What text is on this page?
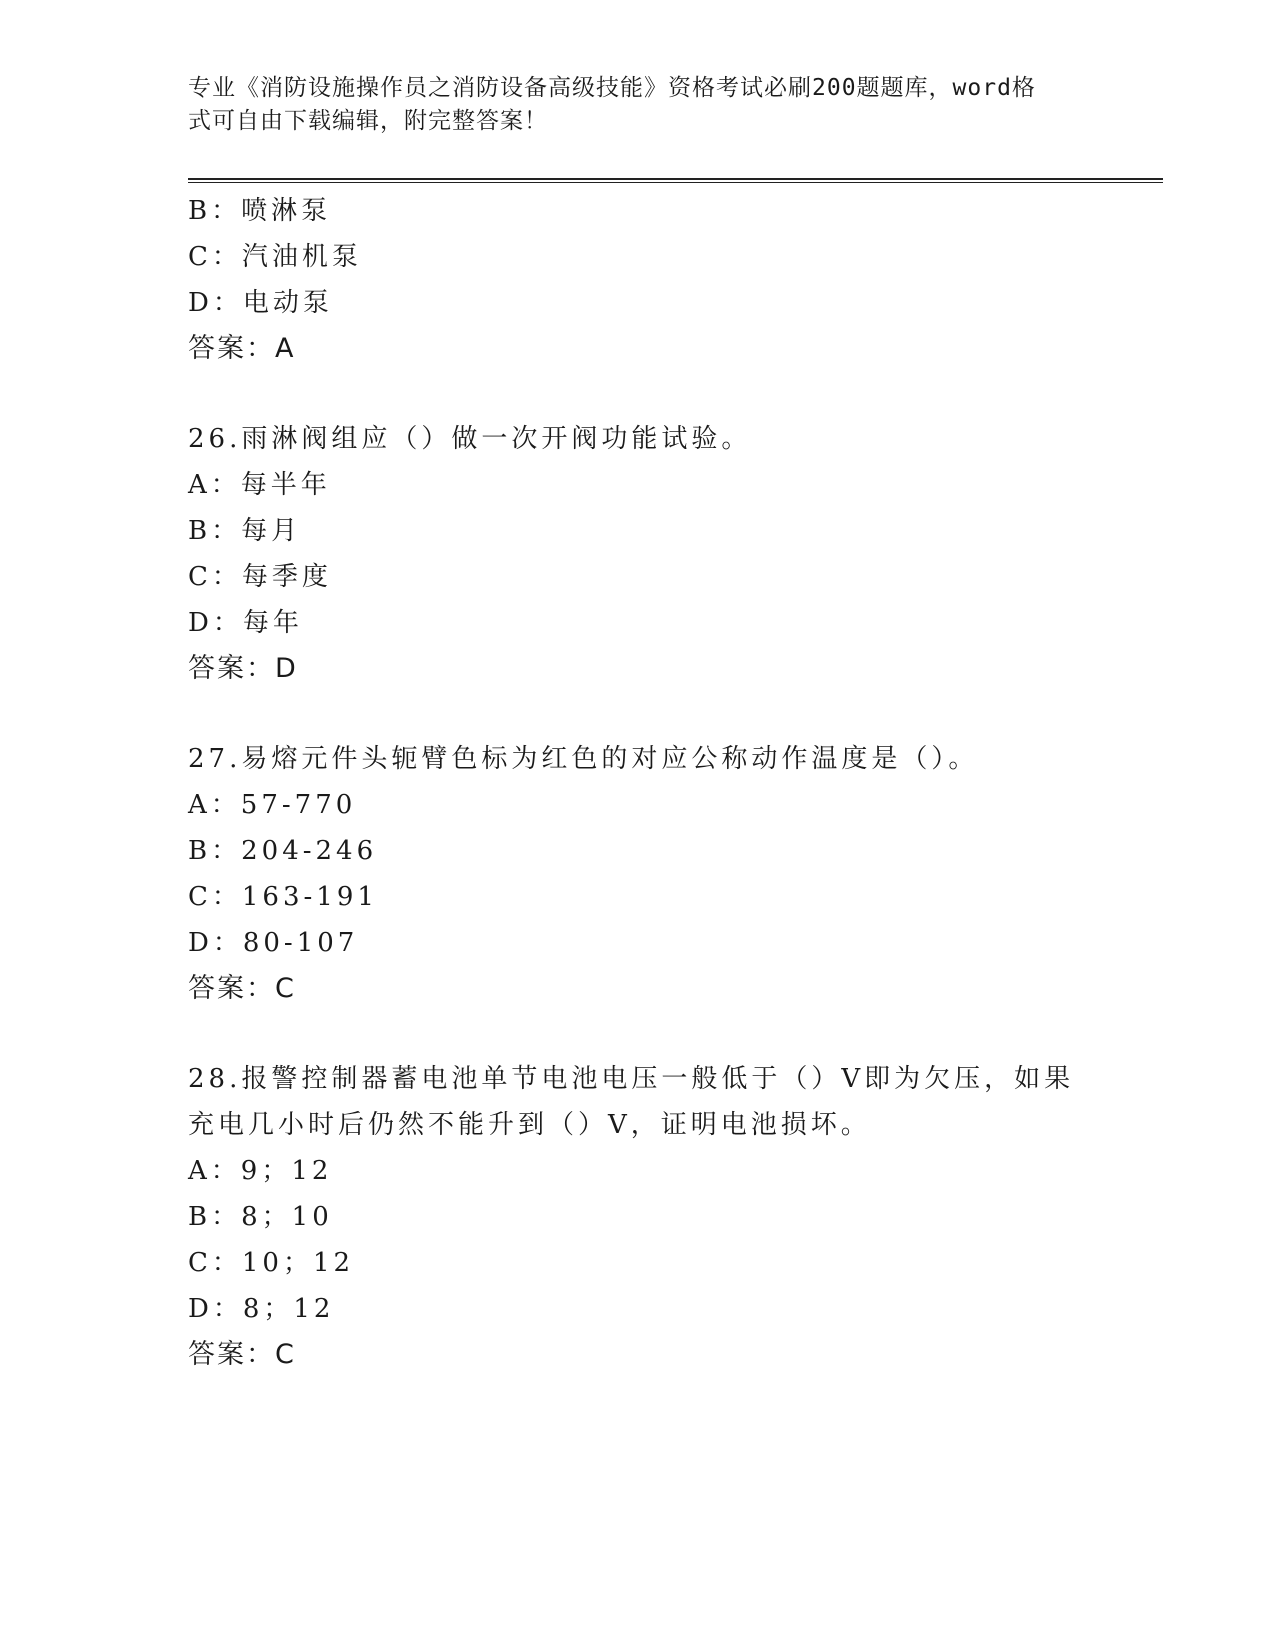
专业《消防设施操作员之消防设备高级技能》资格考试必刷200题题库，word格
式可自由下载编辑，附完整答案！
B：喷淋泵
C：汽油机泵
D：电动泵
答案：A
26.雨淋阀组应（）做一次开阀功能试验。
A：每半年
B：每月
C：每季度
D：每年
答案：D
27.易熔元件头轭臂色标为红色的对应公称动作温度是（）。
A：57-770
B：204-246
C：163-191
D：80-107
答案：C
28.报警控制器蓄电池单节电池电压一般低于（）V即为欠压，如果充电几小时后仍然不能升到（）V，证明电池损坏。
A：9；12
B：8；10
C：10；12
D：8；12
答案：C
